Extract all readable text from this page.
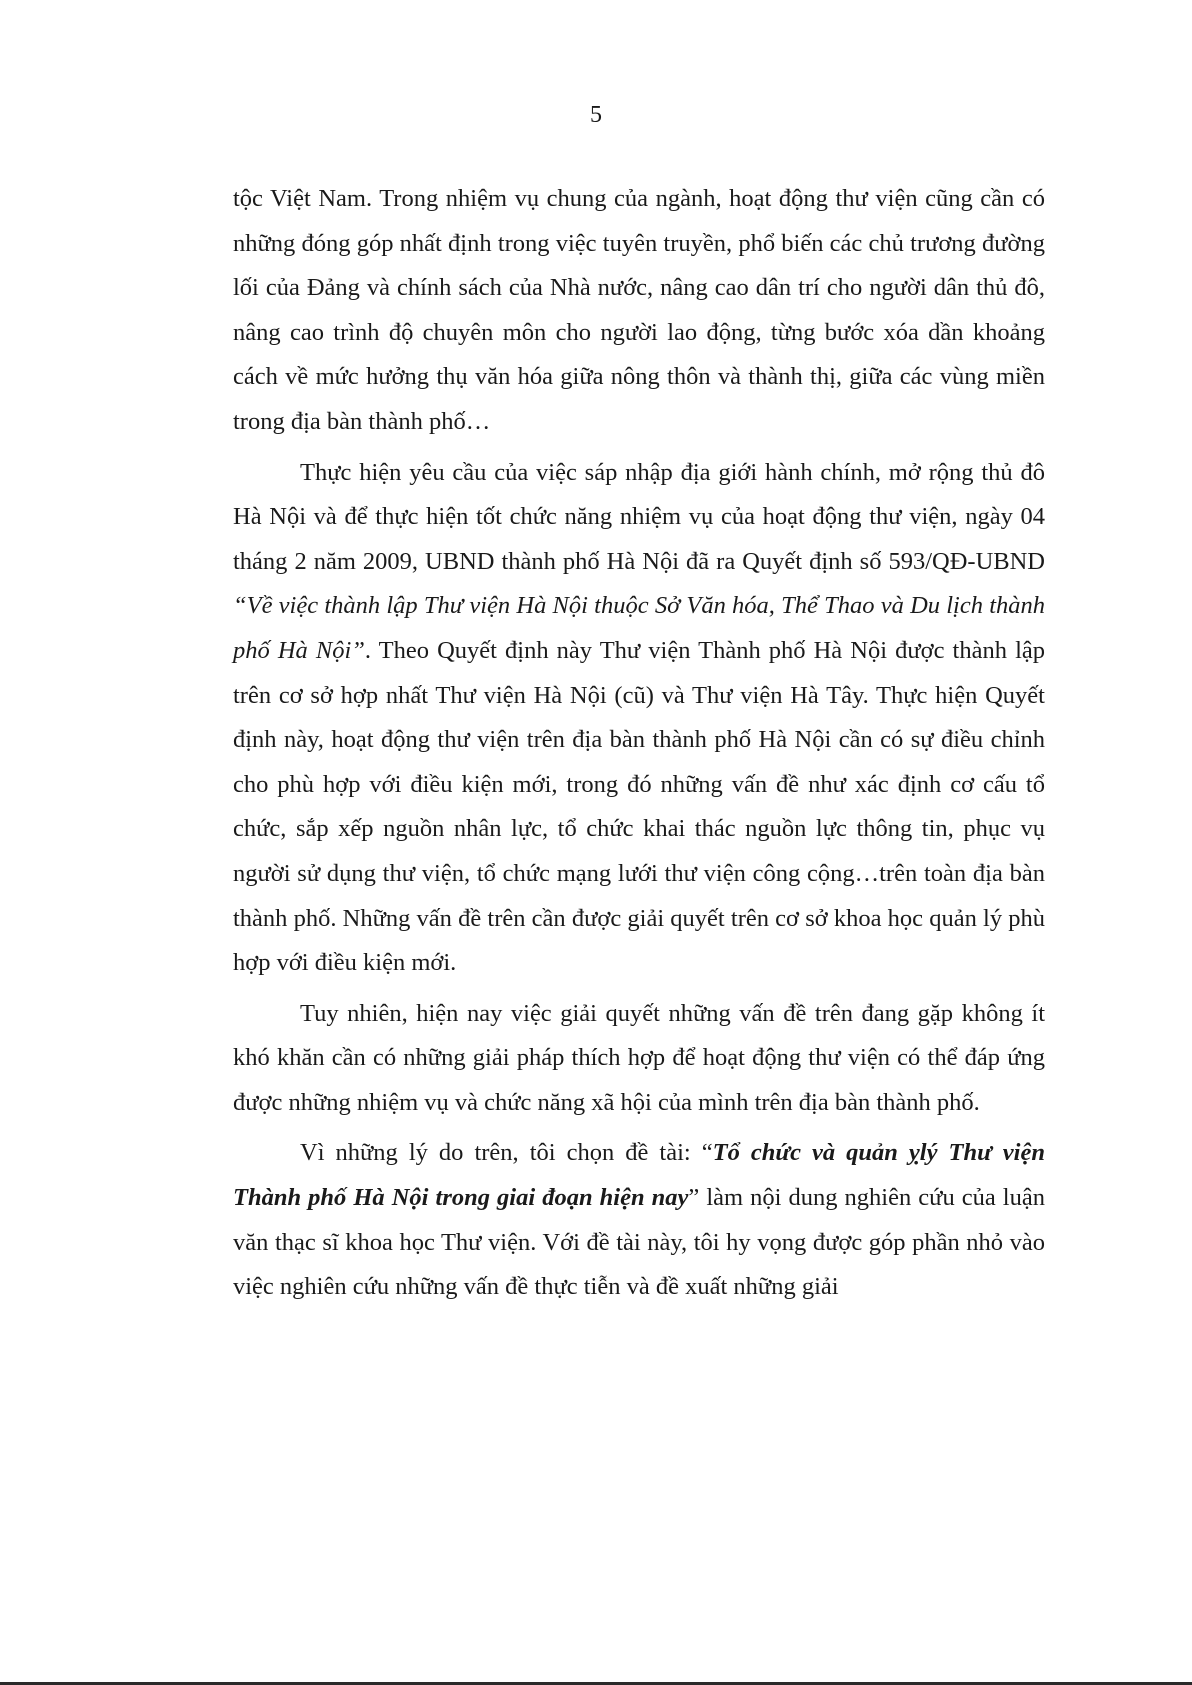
5

tộc Việt Nam. Trong nhiệm vụ chung của ngành, hoạt động thư viện cũng cần có những đóng góp nhất định trong việc tuyên truyền, phổ biến các chủ trương đường lối của Đảng và chính sách của Nhà nước, nâng cao dân trí cho người dân thủ đô, nâng cao trình độ chuyên môn cho người lao động, từng bước xóa dần khoảng cách về mức hưởng thụ văn hóa giữa nông thôn và thành thị, giữa các vùng miền trong địa bàn thành phố…

Thực hiện yêu cầu của việc sáp nhập địa giới hành chính, mở rộng thủ đô Hà Nội và để thực hiện tốt chức năng nhiệm vụ của hoạt động thư viện, ngày 04 tháng 2 năm 2009, UBND thành phố Hà Nội đã ra Quyết định số 593/QĐ-UBND “Về việc thành lập Thư viện Hà Nội thuộc Sở Văn hóa, Thể Thao và Du lịch thành phố Hà Nội”. Theo Quyết định này Thư viện Thành phố Hà Nội được thành lập trên cơ sở hợp nhất Thư viện Hà Nội (cũ) và Thư viện Hà Tây. Thực hiện Quyết định này, hoạt động thư viện trên địa bàn thành phố Hà Nội cần có sự điều chỉnh cho phù hợp với điều kiện mới, trong đó những vấn đề như xác định cơ cấu tổ chức, sắp xếp nguồn nhân lực, tổ chức khai thác nguồn lực thông tin, phục vụ người sử dụng thư viện, tổ chức mạng lưới thư viện công cộng…trên toàn địa bàn thành phố. Những vấn đề trên cần được giải quyết trên cơ sở khoa học quản lý phù hợp với điều kiện mới.

Tuy nhiên, hiện nay việc giải quyết những vấn đề trên đang gặp không ít khó khăn cần có những giải pháp thích hợp để hoạt động thư viện có thể đáp ứng được những nhiệm vụ và chức năng xã hội của mình trên địa bàn thành phố.

Vì những lý do trên, tôi chọn đề tài: “Tổ chức và quản ỵlý Thư viện Thành phố Hà Nội trong giai đoạn hiện nay” làm nội dung nghiên cứu của luận văn thạc sĩ khoa học Thư viện. Với đề tài này, tôi hy vọng được góp phần nhỏ vào việc nghiên cứu những vấn đề thực tiễn và đề xuất những giải
